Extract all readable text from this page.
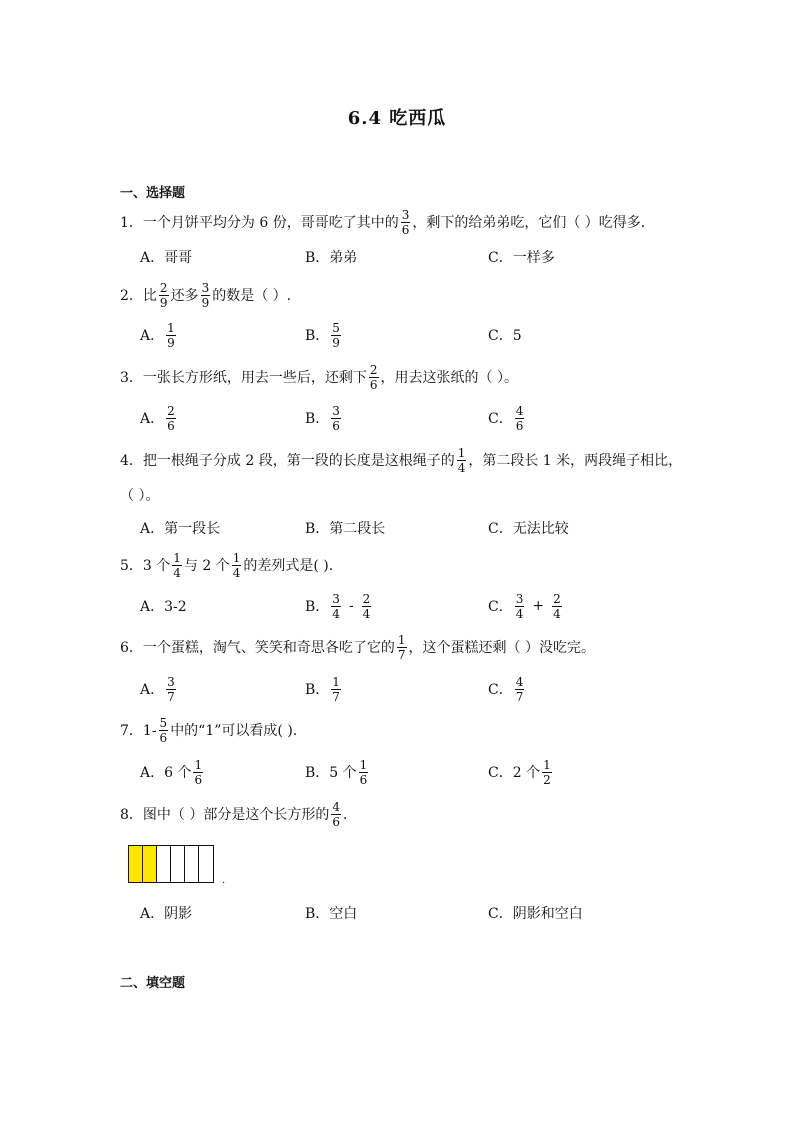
6.4 吃西瓜
一、选择题
1．一个月饼平均分为 6 份，哥哥吃了其中的 $\frac{3}{6}$ ，剩下的给弟弟吃，它们（ ）吃得多．
A．哥哥	B．弟弟	C．一样多
2．比 $\frac{2}{9}$ 还多 $\frac{3}{9}$ 的数是（ ）.
A． $\frac{1}{9}$	B． $\frac{5}{9}$	C．5
3．一张长方形纸，用去一些后，还剩下 $\frac{2}{6}$ ，用去这张纸的（ ）。
A． $\frac{2}{6}$	B． $\frac{3}{6}$	C． $\frac{4}{6}$
4．把一根绳子分成 2 段，第一段的长度是这根绳子的 $\frac{1}{4}$ ，第二段长 1 米，两段绳子相比，
（ ）。
A．第一段长	B．第二段长	C．无法比较
5．3 个 $\frac{1}{4}$ 与 2 个 $\frac{1}{4}$ 的差列式是( ).
A．3-2	B． $\frac{3}{4} - \frac{2}{4}$	C． $\frac{3}{4} + \frac{2}{4}$
6．一个蛋糕，淘气、笑笑和奇思各吃了它的 $\frac{1}{7}$ ，这个蛋糕还剩（ ）没吃完。
A． $\frac{3}{7}$	B． $\frac{1}{7}$	C． $\frac{4}{7}$
7．$1- \frac{5}{6}$ 中的“1”可以看成( ).
A．6 个 $\frac{1}{6}$	B．5 个 $\frac{1}{6}$	C．2 个 $\frac{1}{2}$
8．图中（ ）部分是这个长方形的 $\frac{4}{6}$ ．
.
A．阴影	B．空白	C．阴影和空白
二、填空题
